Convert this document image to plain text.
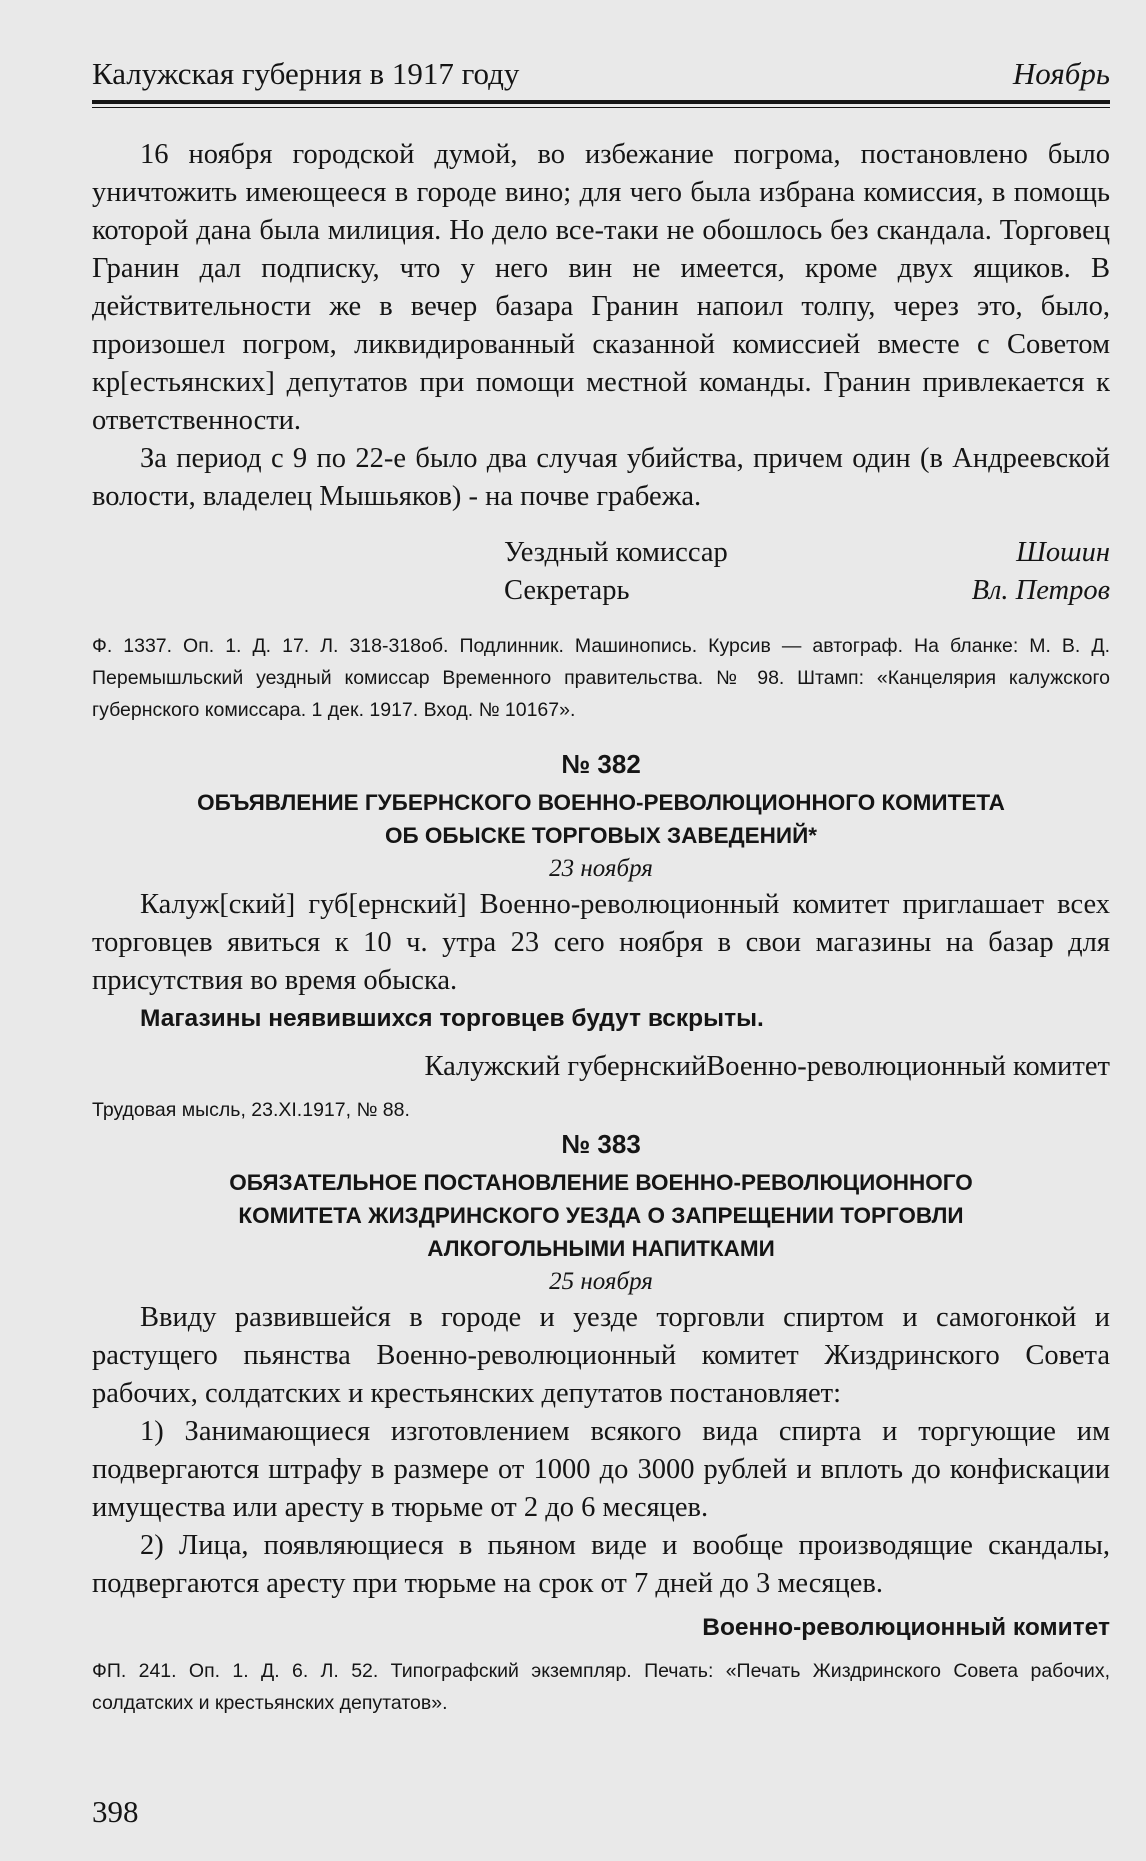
Калужская губерния в 1917 году	Ноябрь

16 ноября городской думой, во избежание погрома, постановлено было уничтожить имеющееся в городе вино; для чего была избрана комиссия, в помощь которой дана была милиция. Но дело все-таки не обошлось без скандала. Торговец Гранин дал подписку, что у него вин не имеется, кроме двух ящиков. В действительности же в вечер базара Гранин напоил толпу, через это, было, произошел погром, ликвидированный сказанной комиссией вместе с Советом кр[естьянских] депутатов при помощи местной команды. Гранин привлекается к ответственности.

За период с 9 по 22-е было два случая убийства, причем один (в Андреевской волости, владелец Мышьяков) - на почве грабежа.

Уездный комиссар	Шошин
Секретарь	Вл. Петров
Ф. 1337. Оп. 1. Д. 17. Л. 318-318об. Подлинник. Машинопись. Курсив — автограф. На бланке: М. В. Д. Перемышльский уездный комиссар Временного правительства. № 98. Штамп: «Канцелярия калужского губернского комиссара. 1 дек. 1917. Вход. № 10167».
№ 382
ОБЪЯВЛЕНИЕ ГУБЕРНСКОГО ВОЕННО-РЕВОЛЮЦИОННОГО КОМИТЕТА
ОБ ОБЫСКЕ ТОРГОВЫХ ЗАВЕДЕНИЙ*
23 ноября

Калуж[ский] губ[ернский] Военно-революционный комитет приглашает всех торговцев явиться к 10 ч. утра 23 сего ноября в свои магазины на базар для присутствия во время обыска.

Магазины неявившихся торговцев будут вскрыты.

Калужский губернскийВоенно-революционный комитет
Трудовая мысль, 23.XI.1917, № 88.
№ 383
ОБЯЗАТЕЛЬНОЕ ПОСТАНОВЛЕНИЕ ВОЕННО-РЕВОЛЮЦИОННОГО
КОМИТЕТА ЖИЗДРИНСКОГО УЕЗДА О ЗАПРЕЩЕНИИ ТОРГОВЛИ
АЛКОГОЛЬНЫМИ НАПИТКАМИ
25 ноября

Ввиду развившейся в городе и уезде торговли спиртом и самогонкой и растущего пьянства Военно-революционный комитет Жиздринского Совета рабочих, солдатских и крестьянских депутатов постановляет:

1) Занимающиеся изготовлением всякого вида спирта и торгующие им подвергаются штрафу в размере от 1000 до 3000 рублей и вплоть до конфискации имущества или аресту в тюрьме от 2 до 6 месяцев.

2) Лица, появляющиеся в пьяном виде и вообще производящие скандалы, подвергаются аресту при тюрьме на срок от 7 дней до 3 месяцев.

Военно-революционный комитет
ФП. 241. Оп. 1. Д. 6. Л. 52. Типографский экземпляр. Печать: «Печать Жиздринского Совета рабочих, солдатских и крестьянских депутатов».
398
